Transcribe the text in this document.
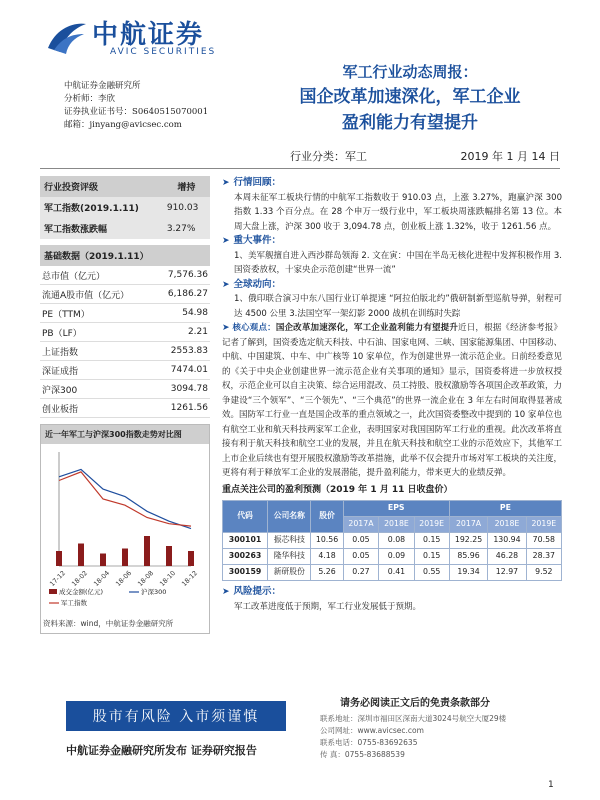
中航证券
AVIC SECURITIES
中航证券金融研究所
分析师：李欣
证券执业证书号：S0640515070001
邮箱：jinyang@avicsec.com
军工行业动态周报：
国企改革加速深化，军工企业
盈利能力有望提升
行业分类：军工	2019 年 1 月 14 日
行业投资评级	增持
军工指数(2019.1.11)	910.03
军工指数涨跌幅	3.27%
基础数据（2019.1.11）
总市值（亿元）	7,576.36
流通A股市值（亿元）	6,186.27
PE（TTM）	54.98
PB（LF）	2.21
上证指数	2553.83
深证成指	7474.01
沪深300	3094.78
创业板指	1261.56
近一年军工与沪深300指数走势对比图
17-12 18-02 18-04 18-06 18-08 18-10 18-12
成交金额(亿元)	沪深300
军工指数
资料来源：wind，中航证券金融研究所
➤ 行情回顾：
本周未征军工板块行情的中航军工指数收于 910.03 点，上涨 3.27%，跑赢沪深 300 指数 1.33 个百分点。在 28 个申万一级行业中，军工板块周涨跌幅排名第 13 位。本周大盘上涨，沪深 300 收于 3,094.78 点，创业板上涨 1.32%，收于 1261.56 点。
➤ 重大事件：
1、美军舰擅自进入西沙群岛领海 2. 文在寅：中国在半岛无核化进程中发挥积极作用 3. 国资委放权，十家央企示范创建“世界一流”
➤ 全球动向：
1、俄印联合演习中东八国行业订单提速 “阿拉伯版北约”俄研制新型巡航导弹，射程可达 4500 公里 3.法国空军一架幻影 2000 战机在训练时失踪
➤ 核心观点：国企改革加速深化，军工企业盈利能力有望提升近日，根据《经济参考报》记者了解到，国资委选定航天科技、中石油、国家电网、三峡、国家能源集团、中国移动、中航、中国建筑、中车、中广核等 10 家单位，作为创建世界一流示范企业。日前经委意见的《关于中央企业创建世界一流示范企业有关事项的通知》显示，国资委将进一步放权授权，示范企业可以自主决策、综合运用混改、员工持股、股权激励等各项国企改革政策，力争建设“三个领军”、“三个领先”、“三个典范”的世界一流企业在 3 年左右时间取得显著成效。国防军工行业一直是国企改革的重点领域之一，此次国资委整改中提到的 10 家单位也有航空工业和航天科技两家军工企业，表明国家对我国国防军工行业的重视。此次改革将直接有利于航天科技和航空工业的发展，并且在航天科技和航空工业的示范效应下，其他军工上市企业后续也有望开展股权激励等改革措施，此举不仅会提升市场对军工板块的关注度，更将有利于释放军工企业的发展潜能，提升盈利能力，带来更大的业绩反弹。
重点关注公司的盈利预测（2019 年 1 月 11 日收盘价）
代码	公司名称	股价	EPS			PE		
			2017A	2018E	2019E	2017A	2018E	2019E
300101	振芯科技	10.56	0.05	0.08	0.15	192.25	130.94	70.58
300263	隆华科技	4.18	0.05	0.09	0.15	85.96	46.28	28.37
300159	新研股份	5.26	0.27	0.41	0.55	19.34	12.97	9.52
➤ 风险提示：
军工改革进度低于预期，军工行业发展低于预期。
股市有风险 入市须谨慎
中航证券金融研究所发布 证券研究报告
请务必阅读正文后的免责条款部分
联系地址：深圳市福田区深南大道3024号航空大厦29楼
公司网址：www.avicsec.com
联系电话：0755-83692635
传 真：0755-83688539
1
